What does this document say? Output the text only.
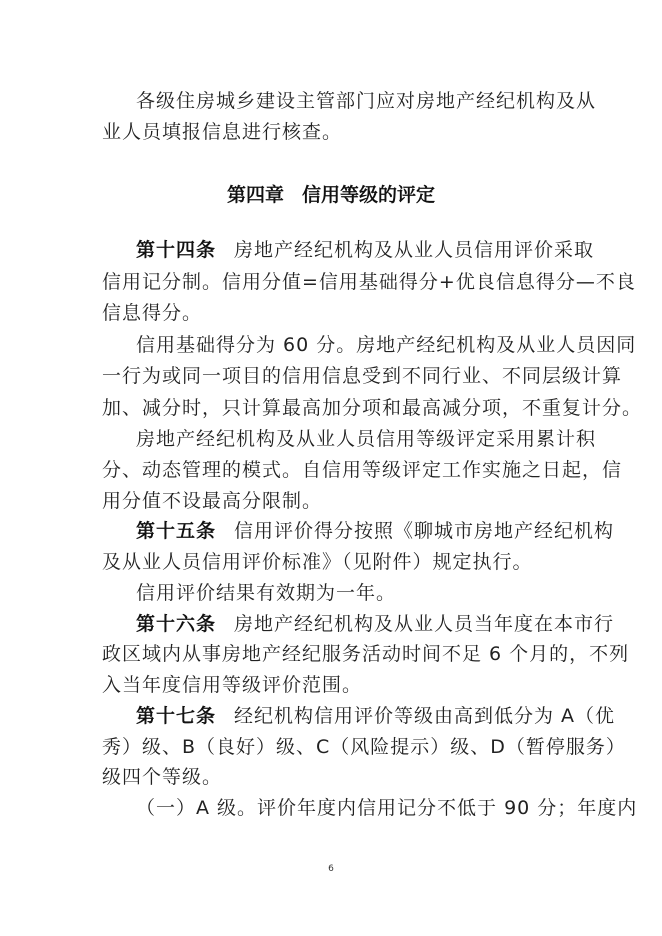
各级住房城乡建设主管部门应对房地产经纪机构及从
业人员填报信息进行核查。
第四章 信用等级的评定
第十四条 房地产经纪机构及从业人员信用评价采取
信用记分制。信用分值=信用基础得分+优良信息得分—不良
信息得分。
信用基础得分为 60 分。房地产经纪机构及从业人员因同
一行为或同一项目的信用信息受到不同行业、不同层级计算
加、减分时，只计算最高加分项和最高减分项，不重复计分。
房地产经纪机构及从业人员信用等级评定采用累计积
分、动态管理的模式。自信用等级评定工作实施之日起，信
用分值不设最高分限制。
第十五条 信用评价得分按照《聊城市房地产经纪机构
及从业人员信用评价标准》（见附件）规定执行。
信用评价结果有效期为一年。
第十六条 房地产经纪机构及从业人员当年度在本市行
政区域内从事房地产经纪服务活动时间不足 6 个月的，不列
入当年度信用等级评价范围。
第十七条 经纪机构信用评价等级由高到低分为 A（优
秀）级、B（良好）级、C（风险提示）级、D（暂停服务）
级四个等级。
（一）A 级。评价年度内信用记分不低于 90 分；年度内
6
